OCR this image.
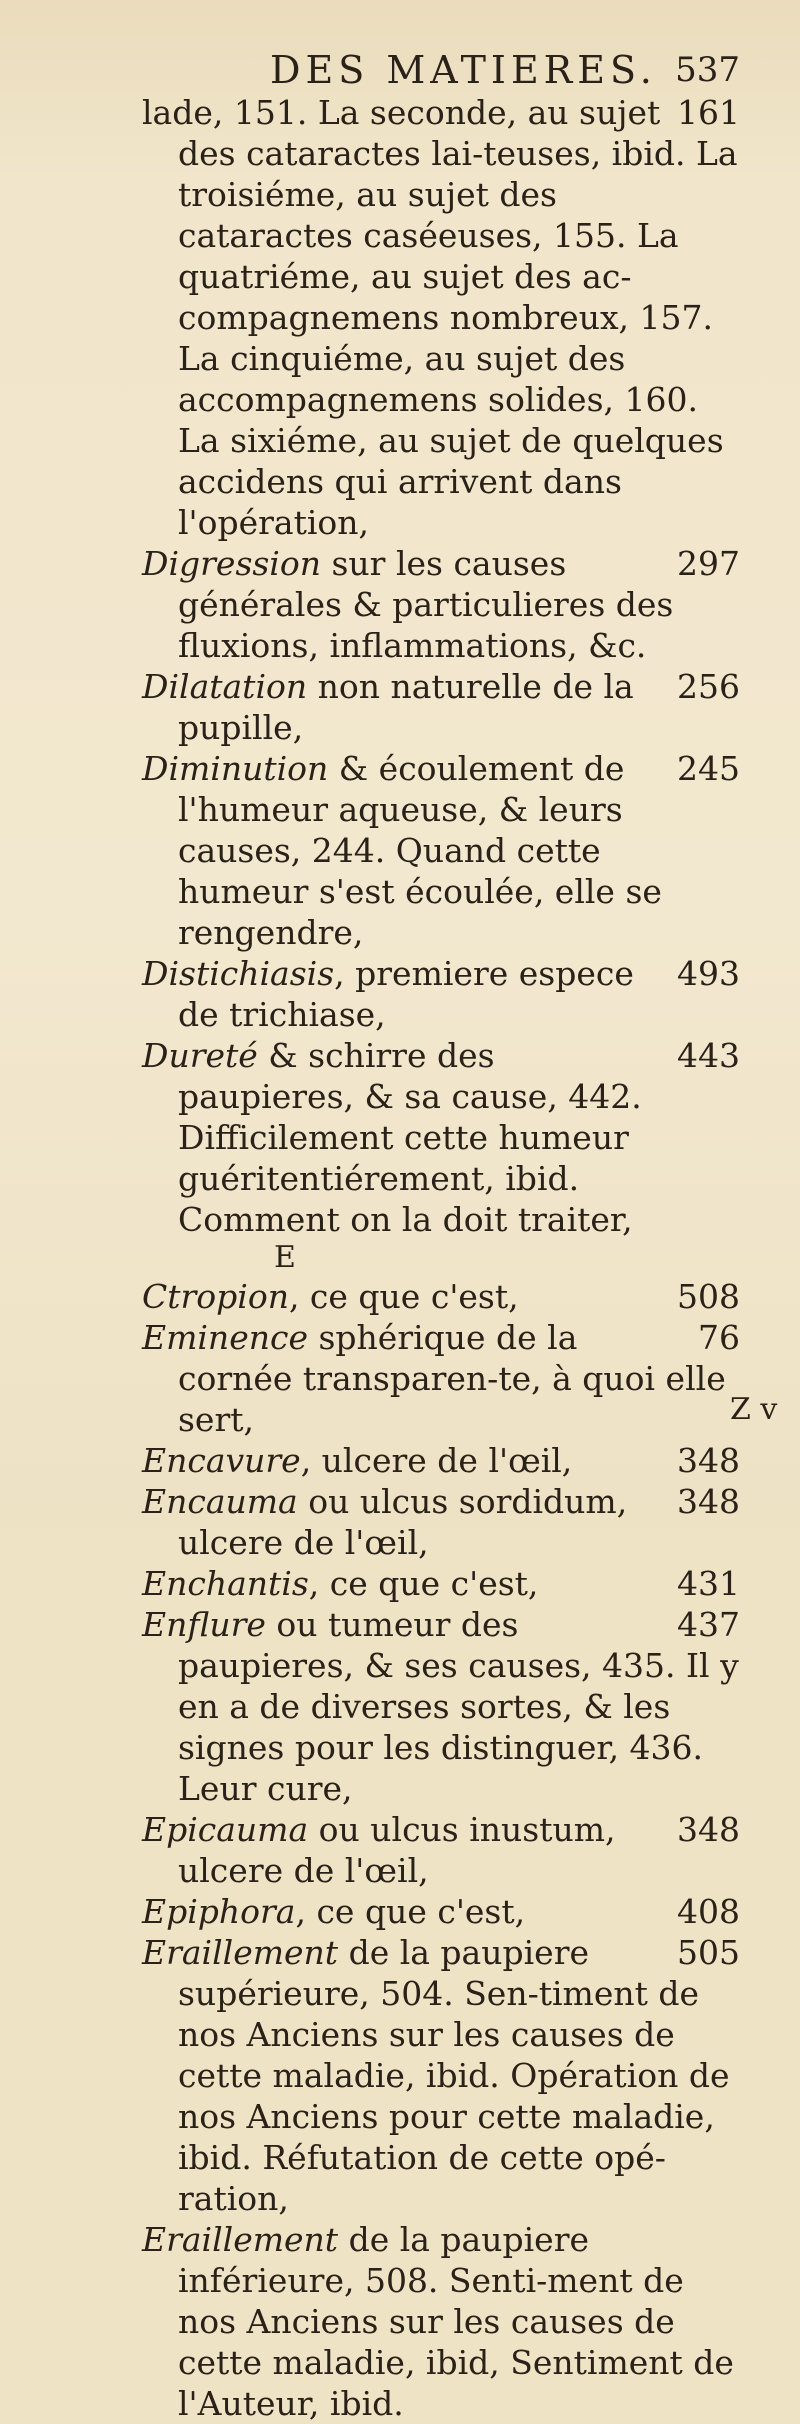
DES MATIERES. 537
161
lade, 151. La seconde, au sujet des cataractes lai-teuses, ibid. La troisiéme, au sujet des cataractes caséeuses, 155. La quatriéme, au sujet des ac-compagnemens nombreux, 157. La cinquiéme, au sujet des accompagnemens solides, 160. La sixiéme, au sujet de quelques accidens qui arrivent dans l'opération,
297
Digression sur les causes générales & particulieres des fluxions, inflammations, &c.
256
Dilatation non naturelle de la pupille,
245
Diminution & écoulement de l'humeur aqueuse, & leurs causes, 244. Quand cette humeur s'est écoulée, elle se rengendre,
493
Distichiasis, premiere espece de trichiase,
443
Dureté & schirre des paupieres, & sa cause, 442. Difficilement cette humeur guéritentiérement, ibid. Comment on la doit traiter,
E
508
Ctropion, ce que c'est,
76
Eminence sphérique de la cornée transparen-te, à quoi elle sert,
348
Encavure, ulcere de l'œil,
348
Encauma ou ulcus sordidum, ulcere de l'œil,
431
Enchantis, ce que c'est,
437
Enflure ou tumeur des paupieres, & ses causes, 435. Il y en a de diverses sortes, & les signes pour les distinguer, 436. Leur cure,
348
Epicauma ou ulcus inustum, ulcere de l'œil,
408
Epiphora, ce que c'est,
505
Eraillement de la paupiere supérieure, 504. Sen-timent de nos Anciens sur les causes de cette maladie, ibid. Opération de nos Anciens pour cette maladie, ibid. Réfutation de cette opé-ration,
Eraillement de la paupiere inférieure, 508. Senti-ment de nos Anciens sur les causes de cette maladie, ibid, Sentiment de l'Auteur, ibid.
Z v
